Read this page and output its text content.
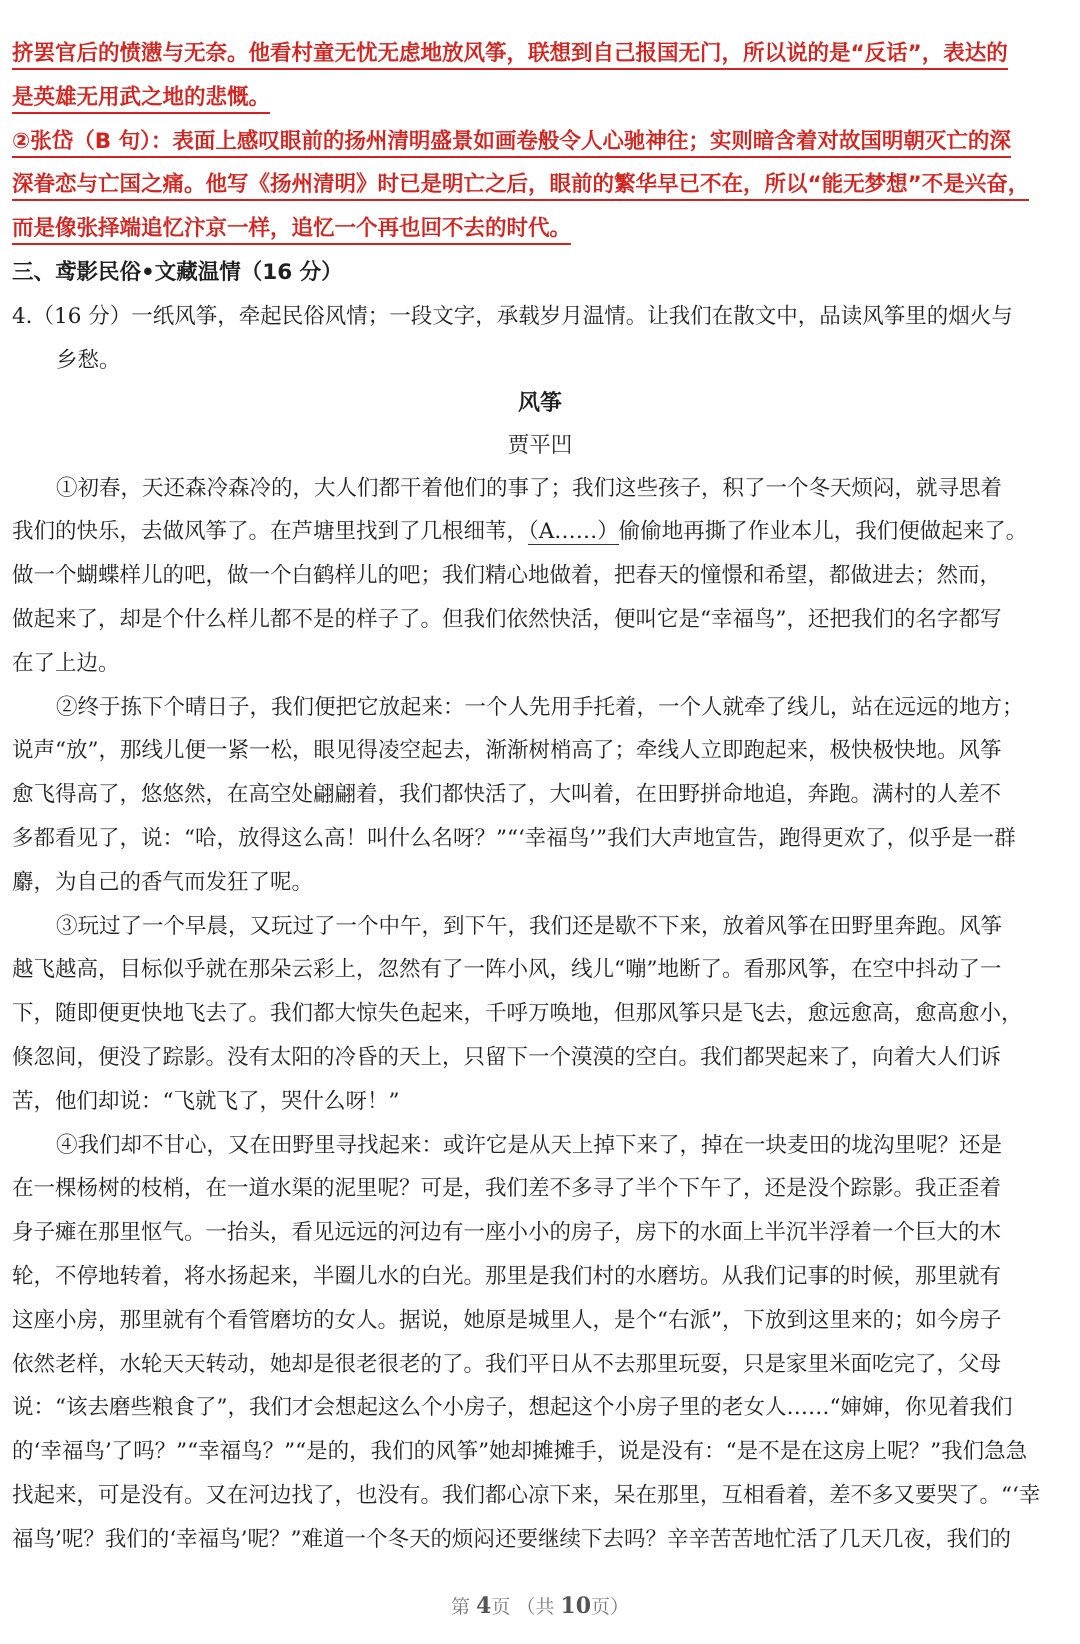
挤罢官后的愤懑与无奈。他看村童无忧无虑地放风筝，联想到自己报国无门，所以说的是“反话”，表达的
是英雄无用武之地的悲慨。
②张岱（B 句）：表面上感叹眼前的扬州清明盛景如画卷般令人心驰神往；实则暗含着对故国明朝灭亡的深
深眷恋与亡国之痛。他写《扬州清明》时已是明亡之后，眼前的繁华早已不在，所以“能无梦想”不是兴奋，
而是像张择端追忆汴京一样，追忆一个再也回不去的时代。
三、鸢影民俗•文藏温情（16 分）
4.（16 分）一纸风筝，牵起民俗风情；一段文字，承载岁月温情。让我们在散文中，品读风筝里的烟火与
乡愁。
风筝
贾平凹
①初春，天还森冷森冷的，大人们都干着他们的事了；我们这些孩子，积了一个冬天烦闷，就寻思着
我们的快乐，去做风筝了。在芦塘里找到了几根细苇，（A……）偷偷地再撕了作业本儿，我们便做起来了。
做一个蝴蝶样儿的吧，做一个白鹤样儿的吧；我们精心地做着，把春天的憧憬和希望，都做进去；然而，
做起来了，却是个什么样儿都不是的样子了。但我们依然快活，便叫它是“幸福鸟”，还把我们的名字都写
在了上边。
②终于拣下个晴日子，我们便把它放起来：一个人先用手托着，一个人就牵了线儿，站在远远的地方；
说声“放”，那线儿便一紧一松，眼见得凌空起去，渐渐树梢高了；牵线人立即跑起来，极快极快地。风筝
愈飞得高了，悠悠然，在高空处翩翩着，我们都快活了，大叫着，在田野拼命地追，奔跑。满村的人差不
多都看见了，说：“哈，放得这么高！叫什么名呀？”“‘幸福鸟’”我们大声地宣告，跑得更欢了，似乎是一群
麝，为自己的香气而发狂了呢。
③玩过了一个早晨，又玩过了一个中午，到下午，我们还是歇不下来，放着风筝在田野里奔跑。风筝
越飞越高，目标似乎就在那朵云彩上，忽然有了一阵小风，线儿“嘣”地断了。看那风筝，在空中抖动了一
下，随即便更快地飞去了。我们都大惊失色起来，千呼万唤地，但那风筝只是飞去，愈远愈高，愈高愈小，
倏忽间，便没了踪影。没有太阳的冷昏的天上，只留下一个漠漠的空白。我们都哭起来了，向着大人们诉
苦，他们却说：“飞就飞了，哭什么呀！”
④我们却不甘心，又在田野里寻找起来：或许它是从天上掉下来了，掉在一块麦田的垅沟里呢？还是
在一棵杨树的枝梢，在一道水渠的泥里呢？可是，我们差不多寻了半个下午了，还是没个踪影。我正歪着
身子瘫在那里怄气。一抬头，看见远远的河边有一座小小的房子，房下的水面上半沉半浮着一个巨大的木
轮，不停地转着，将水扬起来，半圈儿水的白光。那里是我们村的水磨坊。从我们记事的时候，那里就有
这座小房，那里就有个看管磨坊的女人。据说，她原是城里人，是个“右派”，下放到这里来的；如今房子
依然老样，水轮天天转动，她却是很老很老的了。我们平日从不去那里玩耍，只是家里米面吃完了，父母
说：“该去磨些粮食了”，我们才会想起这么个小房子，想起这个小房子里的老女人……“婶婶，你见着我们
的‘幸福鸟’了吗？”“幸福鸟？”“是的，我们的风筝”她却摊摊手，说是没有：“是不是在这房上呢？”我们急急
找起来，可是没有。又在河边找了，也没有。我们都心凉下来，呆在那里，互相看着，差不多又要哭了。“‘幸
福鸟’呢？我们的‘幸福鸟’呢？”难道一个冬天的烦闷还要继续下去吗？辛辛苦苦地忙活了几天几夜，我们的
第 4页 （共 10页）
